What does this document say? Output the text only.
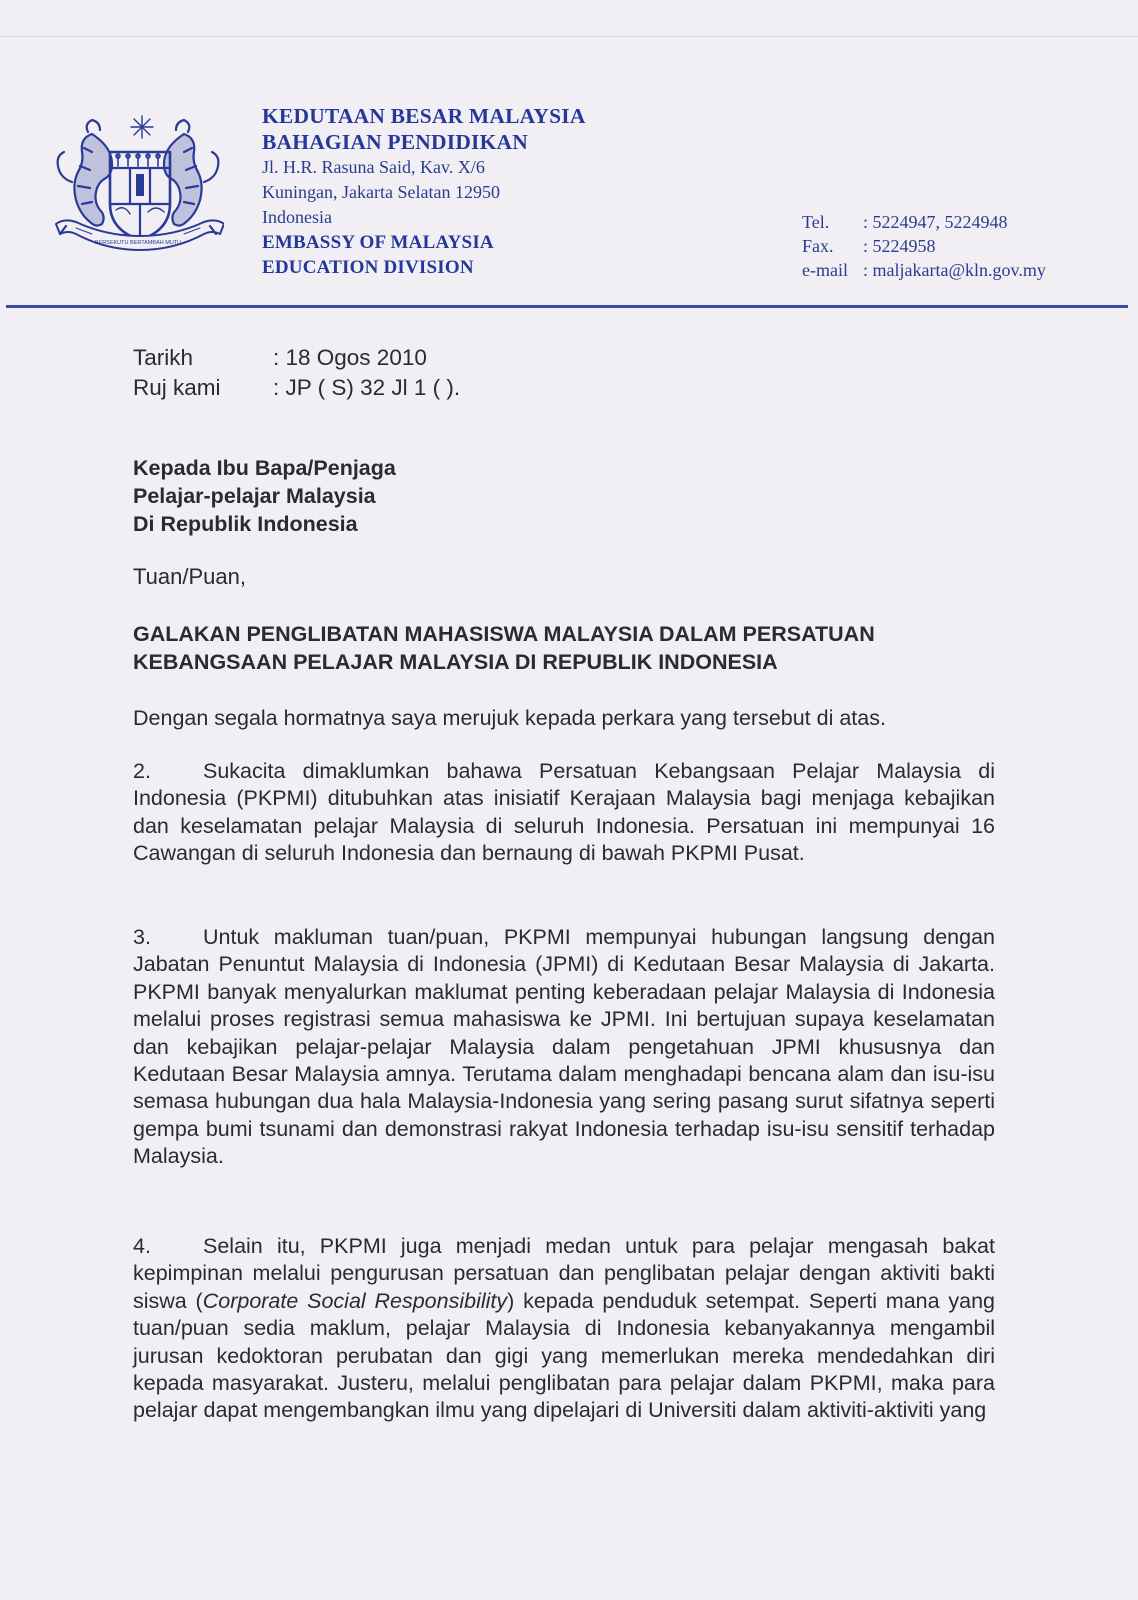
BERSEKUTU BERTAMBAH MUTU
KEDUTAAN BESAR MALAYSIA
BAHAGIAN PENDIDIKAN
Jl. H.R. Rasuna Said, Kav. X/6
Kuningan, Jakarta Selatan 12950
Indonesia
EMBASSY OF MALAYSIA
EDUCATION DIVISION
Tel. : 5224947, 5224948
Fax. : 5224958
e-mail : maljakarta@kln.gov.my
Tarikh	: 18 Ogos 2010
Ruj kami : JP ( S) 32 Jl 1 ( ).
Kepada Ibu Bapa/Penjaga
Pelajar-pelajar Malaysia
Di Republik Indonesia
Tuan/Puan,
GALAKAN PENGLIBATAN MAHASISWA MALAYSIA DALAM PERSATUAN
KEBANGSAAN PELAJAR MALAYSIA DI REPUBLIK INDONESIA
Dengan segala hormatnya saya merujuk kepada perkara yang tersebut di atas.
2. Sukacita dimaklumkan bahawa Persatuan Kebangsaan Pelajar Malaysia di Indonesia (PKPMI) ditubuhkan atas inisiatif Kerajaan Malaysia bagi menjaga kebajikan dan keselamatan pelajar Malaysia di seluruh Indonesia. Persatuan ini mempunyai 16 Cawangan di seluruh Indonesia dan bernaung di bawah PKPMI Pusat.
3. Untuk makluman tuan/puan, PKPMI mempunyai hubungan langsung dengan Jabatan Penuntut Malaysia di Indonesia (JPMI) di Kedutaan Besar Malaysia di Jakarta. PKPMI banyak menyalurkan maklumat penting keberadaan pelajar Malaysia di Indonesia melalui proses registrasi semua mahasiswa ke JPMI. Ini bertujuan supaya keselamatan dan kebajikan pelajar-pelajar Malaysia dalam pengetahuan JPMI khususnya dan Kedutaan Besar Malaysia amnya. Terutama dalam menghadapi bencana alam dan isu-isu semasa hubungan dua hala Malaysia-Indonesia yang sering pasang surut sifatnya seperti gempa bumi tsunami dan demonstrasi rakyat Indonesia terhadap isu-isu sensitif terhadap Malaysia.
4. Selain itu, PKPMI juga menjadi medan untuk para pelajar mengasah bakat kepimpinan melalui pengurusan persatuan dan penglibatan pelajar dengan aktiviti bakti siswa (Corporate Social Responsibility) kepada penduduk setempat. Seperti mana yang tuan/puan sedia maklum, pelajar Malaysia di Indonesia kebanyakannya mengambil jurusan kedoktoran perubatan dan gigi yang memerlukan mereka mendedahkan diri kepada masyarakat. Justeru, melalui penglibatan para pelajar dalam PKPMI, maka para pelajar dapat mengembangkan ilmu yang dipelajari di Universiti dalam aktiviti-aktiviti yang
